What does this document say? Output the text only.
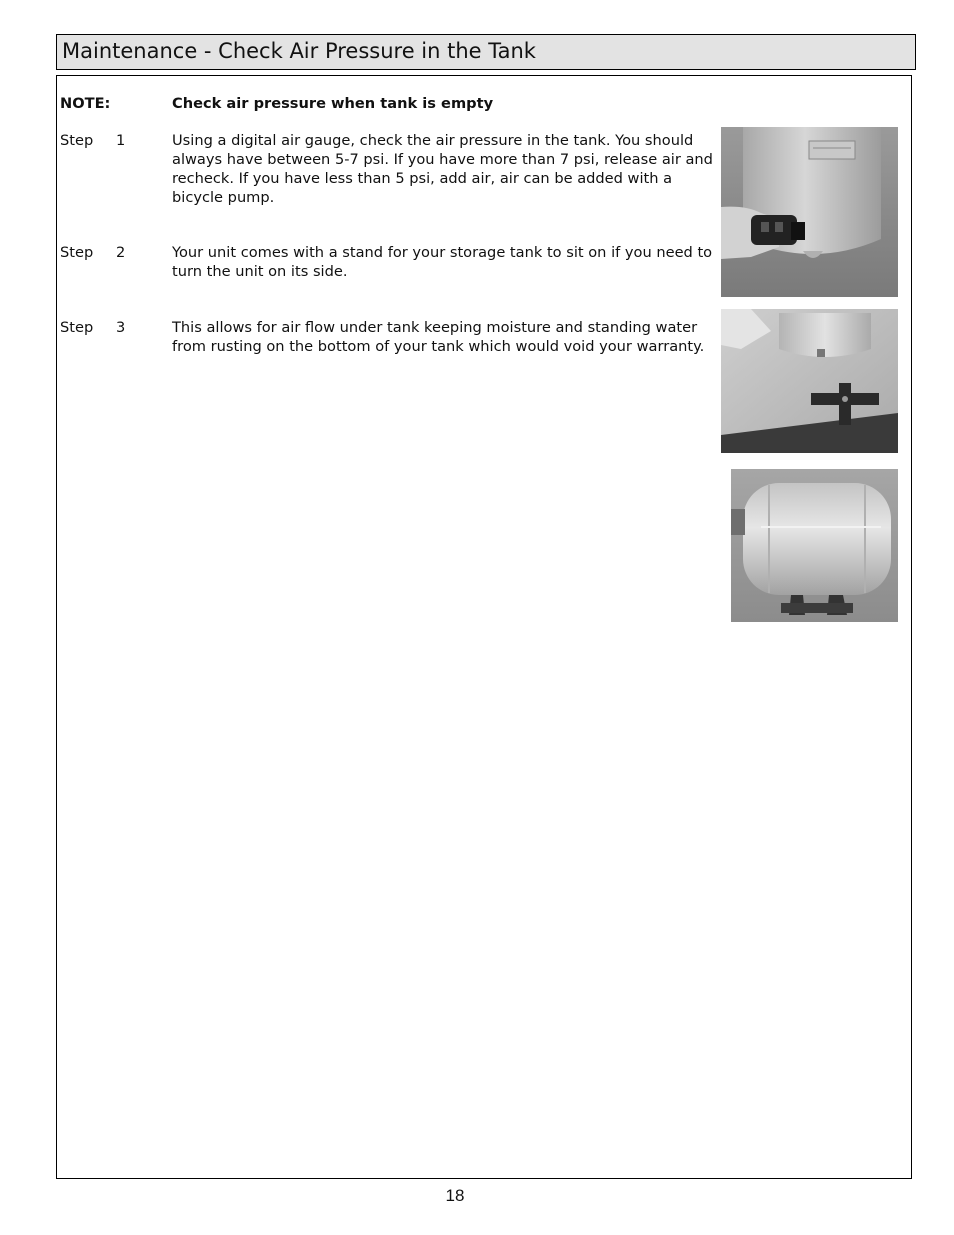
Maintenance - Check Air Pressure in the Tank
NOTE:	Check air pressure when tank is empty
Step 1	Using a digital air gauge, check the air pressure in the tank. You should always have between 5-7 psi. If you have more than 7 psi, release air and recheck. If you have less than 5 psi, add air, air can be added with a bicycle pump.
Step 2	Your unit comes with a stand for your storage tank to sit on if you need to turn the unit on its side.
Step 3	This allows for air flow under tank keeping moisture and standing water from rusting on the bottom of your tank which would void your warranty.
18
